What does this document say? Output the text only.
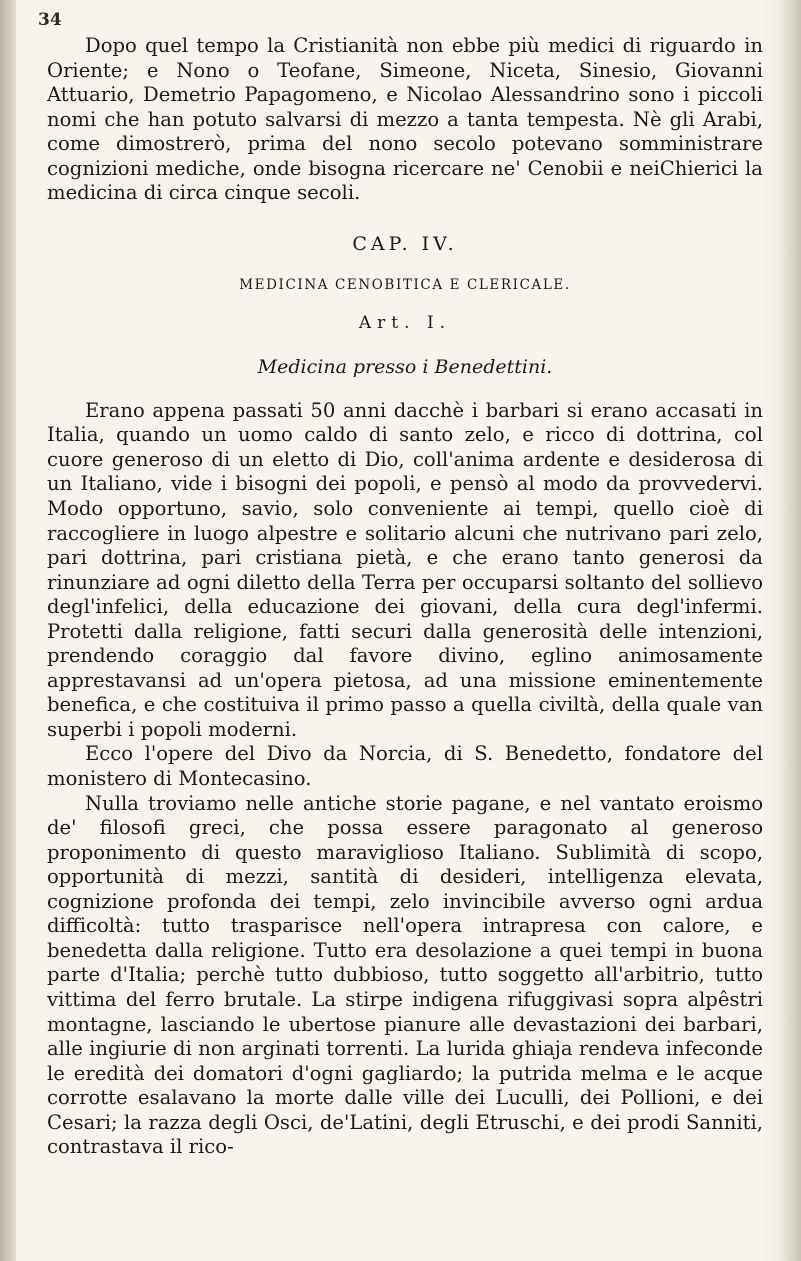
34

Dopo quel tempo la Cristianità non ebbe più medici di riguardo in Oriente; e Nono o Teofane, Simeone, Niceta, Sinesio, Giovanni Attuario, Demetrio Papagomeno, e Nicolao Alessandrino sono i piccoli nomi che han potuto salvarsi di mezzo a tanta tempesta. Nè gli Arabi, come dimostrerò, prima del nono secolo potevano somministrare cognizioni mediche, onde bisogna ricercare ne' Cenobii e neiChierici la medicina di circa cinque secoli.

CAP. IV.
MEDICINA CENOBITICA E CLERICALE.
Art. I.
Medicina presso i Benedettini.

Erano appena passati 50 anni dacchè i barbari si erano accasati in Italia, quando un uomo caldo di santo zelo, e ricco di dottrina, col cuore generoso di un eletto di Dio, coll'anima ardente e desiderosa di un Italiano, vide i bisogni dei popoli, e pensò al modo da provvedervi. Modo opportuno, savio, solo conveniente ai tempi, quello cioè di raccogliere in luogo alpestre e solitario alcuni che nutrivano pari zelo, pari dottrina, pari cristiana pietà, e che erano tanto generosi da rinunziare ad ogni diletto della Terra per occuparsi soltanto del sollievo degl'infelici, della educazione dei giovani, della cura degl'infermi. Protetti dalla religione, fatti securi dalla generosità delle intenzioni, prendendo coraggio dal favore divino, eglino animosamente apprestavansi ad un'opera pietosa, ad una missione eminentemente benefica, e che costituiva il primo passo a quella civiltà, della quale van superbi i popoli moderni.

Ecco l'opere del Divo da Norcia, di S. Benedetto, fondatore del monistero di Montecasino.

Nulla troviamo nelle antiche storie pagane, e nel vantato eroismo de' filosofi greci, che possa essere paragonato al generoso proponimento di questo maraviglioso Italiano. Sublimità di scopo, opportunità di mezzi, santità di desideri, intelligenza elevata, cognizione profonda dei tempi, zelo invincibile avverso ogni ardua difficoltà: tutto trasparisce nell'opera intrapresa con calore, e benedetta dalla religione. Tutto era desolazione a quei tempi in buona parte d'Italia; perchè tutto dubbioso, tutto soggetto all'arbitrio, tutto vittima del ferro brutale. La stirpe indigena rifuggivasi sopra alpêstri montagne, lasciando le ubertose pianure alle devastazioni dei barbari, alle ingiurie di non arginati torrenti. La lurida ghiaja rendeva infeconde le eredità dei domatori d'ogni gagliardo; la putrida melma e le acque corrotte esalavano la morte dalle ville dei Luculli, dei Pollioni, e dei Cesari; la razza degli Osci, de'Latini, degli Etruschi, e dei prodi Sanniti, contrastava il rico-
